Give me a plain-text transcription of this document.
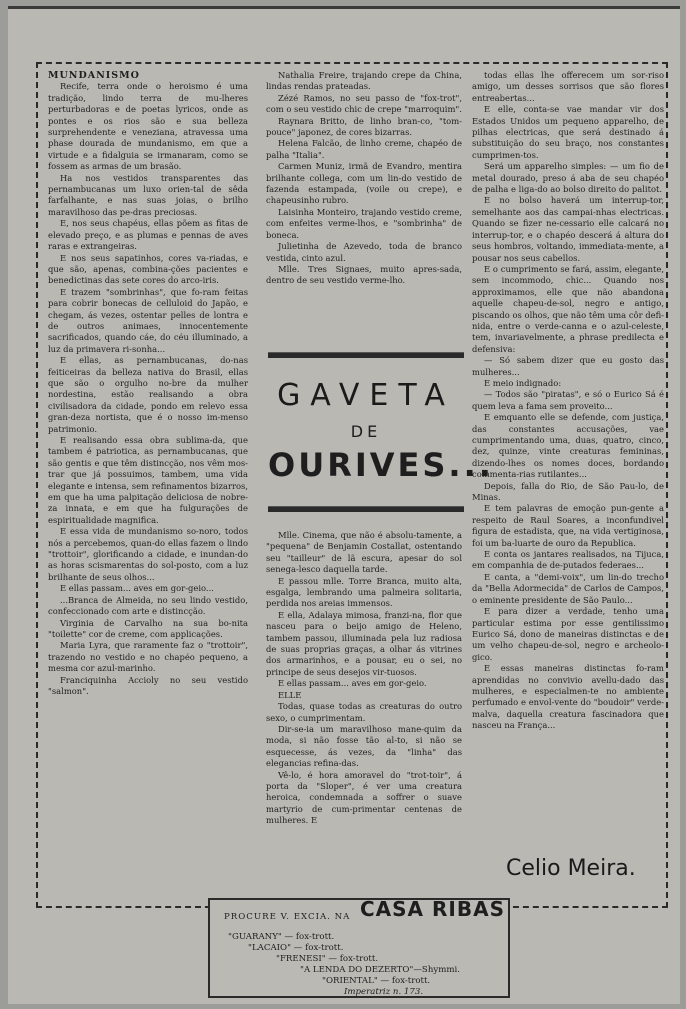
MUNDANISMO

Recife, terra onde o heroismo é uma tradição, lindo terra de mu-lheres perturbadoras e de poetas lyricos, onde as pontes e os rios são e sua belleza surprehendente e veneziana, atravessa uma phase dourada de mundanismo, em que a virtude e a fidalguia se irmanaram, como se fossem as armas de um brasão.

Ha nos vestidos transparentes das pernambucanas um luxo orien-tal de sêda farfalhante, e nas suas joias, o brilho maravilhoso das pe-dras preciosas.

E, nos seus chapéus, ellas põem as fitas de elevado preço, e as plumas e pennas de aves raras e extrangeiras.

E nos seus sapatinhos, cores va-riadas, e que são, apenas, combina-ções pacientes e benedictinas das sete cores do arco-iris.

E trazem "sombrinhas", que fo-ram feitas para cobrir bonecas de celluloid do Japão, e chegam, ás vezes, ostentar pelles de lontra e de outros animaes, innocentemente sacrificados, quando cáe, do céu illuminado, a luz da primavera ri-sonha...

E ellas, as pernambucanas, do-nas feiticeiras da belleza nativa do Brasil, ellas que são o orgulho no-bre da mulher nordestina, estão realisando a obra civilisadora da cidade, pondo em relevo essa gran-deza nortista, que é o nosso im-menso patrimonio.

E realisando essa obra sublima-da, que tambem é patriotica, as pernambucanas, que são gentis e que têm distincção, nos vêm mos-trar que já possuimos, tambem, uma vida elegante e intensa, sem refinamentos bizarros, em que ha uma palpitação deliciosa de nobre-za innata, e em que ha fulgurações de espiritualidade magnifica.

E essa vida de mundanismo so-noro, todos nós a percebemos, quan-do ellas fazem o lindo "trottoir", glorificando a cidade, e inundan-do as horas scismarentas do sol-posto, com a luz brilhante de seus olhos...

E ellas passam... aves em gor-geio...

...Branca de Almeida, no seu lindo vestido, confeccionado com arte e distincção.

Virginia de Carvalho na sua bo-nita "toilette" cor de creme, com applicações.

Maria Lyra, que raramente faz o "trottoir", trazendo no vestido e no chapéo pequeno, a mesma cor azul-marinho.

Franciquinha Accioly no seu vestido "salmon".

Nathalia Freire, trajando crepe da China, lindas rendas prateadas.

Zézé Ramos, no seu passo de "fox-trot", com o seu vestido chic de crepe "marroquim".

Raynara Britto, de linho bran-co, "tom-pouce" japonez, de cores bizarras.

Helena Falcão, de linho creme, chapéo de palha "Italia".

Carmen Muniz, irmã de Evandro, mentira brilhante collega, com um lin-do vestido de fazenda estampada, (voile ou crepe), e chapeusinho rubro.

Laisinha Monteiro, trajando vestido creme, com enfeites verme-lhos, e "sombrinha" de boneca.

Julietinha de Azevedo, toda de branco vestida, cinto azul.

Mlle. Tres Signaes, muito apres-sada, dentro de seu vestido verme-lho.

GAVETA
DE
OURIVES...

Mlle. Cinema, que não é absolu-tamente, a "pequena" de Benjamin Costallat, ostentando seu "tailleur" de lã escura, apesar do sol senega-lesco daquella tarde.

E passou mlle. Torre Branca, muito alta, esgalga, lembrando uma palmeira solitaria, perdida nos areias immensos.

E ella, Adalaya mimosa, franzi-na, flor que nasceu para o beijo amigo de Heleno, tambem passou, illuminada pela luz radiosa de suas proprias graças, a olhar ás vitrines dos armarinhos, e a pousar, eu o sei, no principe de seus desejos vir-tuosos.

E ellas passam... aves em gor-geio.

ELLE

Todas, quase todas as creaturas do outro sexo, o cumprimentam.

Dir-se-ia um maravilhoso mane-quim da moda, si não fosse tão al-to, si não se esquecesse, ás vezes, da "linha" das elegancias refina-das.

Vê-lo, é hora amoravel do "trot-toir", á porta da "Sloper", é ver uma creatura heroica, condemnada a soffrer o suave martyrio de cum-primentar centenas de mulheres. E

todas ellas lhe offerecem um sor-riso amigo, um desses sorrisos que são flores entreabertas...

E elle, conta-se vae mandar vir dos Estados Unidos um pequeno apparelho, de pilhas electricas, que será destinado á substituição do seu braço, nos constantes cumprimen-tos.

Será um apparelho simples: — um fio de metal dourado, preso á aba de seu chapéo de palha e liga-do ao bolso direito do palitot.

E no bolso haverá um interrup-tor, semelhante aos das campai-nhas electricas. Quando se fizer ne-cessario elle calcará no interrup-tor, e o chapéo descerá á altura do seus hombros, voltando, immediata-mente, a pousar nos seus cabellos.

E o cumprimento se fará, assim, elegante, sem incommodo, chic... Quando nos approximamos, elle que não abandona aquelle chapeu-de-sol, negro e antigo, piscando os olhos, que não têm uma côr defi-nida, entre o verde-canna e o azul-celeste, tem, invariavelmente, a phrase predilecta e defensiva:

— Só sabem dizer que eu gosto das mulheres...

E meio indignado:

— Todos são "piratas", e só o Eurico Sá é quem leva a fama sem proveito...

E emquanto elle se defende, com justiça, das constantes accusações, vae cumprimentando uma, duas, quatro, cinco, dez, quinze, vinte creaturas femininas, dizendo-lhes os nomes doces, bordando commenta-rias rutilantes...

Depois, falla do Rio, de São Pau-lo, de Minas.

E tem palavras de emoção pun-gente a respeito de Raul Soares, a inconfundivel figura de estadista, que, na vida vertiginosa, foi um ba-luarte de ouro da Republica.

E conta os jantares realisados, na Tijuca, em companhia de de-putados federaes...

E canta, a "demi-voix", um lin-do trecho da "Bella Adormecida" de Carlos de Campos, o eminente presidente de São Paulo...

E para dizer a verdade, tenho uma particular estima por esse gentilissimo Eurico Sá, dono de maneiras distinctas e de um velho chapeu-de-sol, negro e archeolo-gico.

E essas maneiras distinctas fo-ram aprendidas no convivio avellu-dado das mulheres, e especialmen-te no ambiente perfumado e envol-vente do "boudoir" verde-malva, daquella creatura fascinadora que nasceu na França...

Celio Meira.
PROCURE V. EXCIA. NA CASA RIBAS
"GUARANY" — fox-trott.
"LACAIO" — fox-trott.
"FRENESI" — fox-trott.
"A LENDA DO DEZERTO"—Shymmi.
"ORIENTAL" — fox-trott.
Imperatriz n. 173.
